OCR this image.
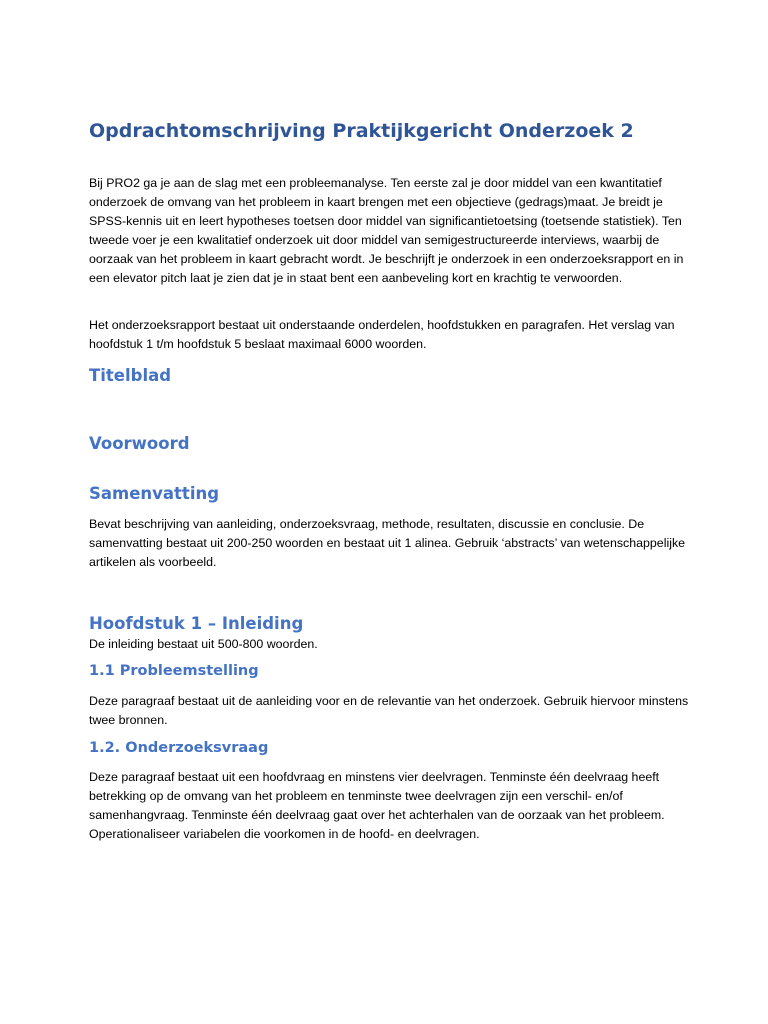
Opdrachtomschrijving Praktijkgericht Onderzoek 2

Bij PRO2 ga je aan de slag met een probleemanalyse. Ten eerste zal je door middel van een kwantitatief onderzoek de omvang van het probleem in kaart brengen met een objectieve (gedrags)maat. Je breidt je SPSS-kennis uit en leert hypotheses toetsen door middel van significantietoetsing (toetsende statistiek). Ten tweede voer je een kwalitatief onderzoek uit door middel van semigestructureerde interviews, waarbij de oorzaak van het probleem in kaart gebracht wordt. Je beschrijft je onderzoek in een onderzoeksrapport en in een elevator pitch laat je zien dat je in staat bent een aanbeveling kort en krachtig te verwoorden.

Het onderzoeksrapport bestaat uit onderstaande onderdelen, hoofdstukken en paragrafen. Het verslag van hoofdstuk 1 t/m hoofdstuk 5 beslaat maximaal 6000 woorden.

Titelblad
Voorwoord
Samenvatting

Bevat beschrijving van aanleiding, onderzoeksvraag, methode, resultaten, discussie en conclusie. De samenvatting bestaat uit 200-250 woorden en bestaat uit 1 alinea. Gebruik ‘abstracts’ van wetenschappelijke artikelen als voorbeeld.

Hoofdstuk 1 – Inleiding

De inleiding bestaat uit 500-800 woorden.

1.1 Probleemstelling

Deze paragraaf bestaat uit de aanleiding voor en de relevantie van het onderzoek. Gebruik hiervoor minstens twee bronnen.

1.2. Onderzoeksvraag

Deze paragraaf bestaat uit een hoofdvraag en minstens vier deelvragen. Tenminste één deelvraag heeft betrekking op de omvang van het probleem en tenminste twee deelvragen zijn een verschil- en/of samenhangvraag. Tenminste één deelvraag gaat over het achterhalen van de oorzaak van het probleem. Operationaliseer variabelen die voorkomen in de hoofd- en deelvragen.
